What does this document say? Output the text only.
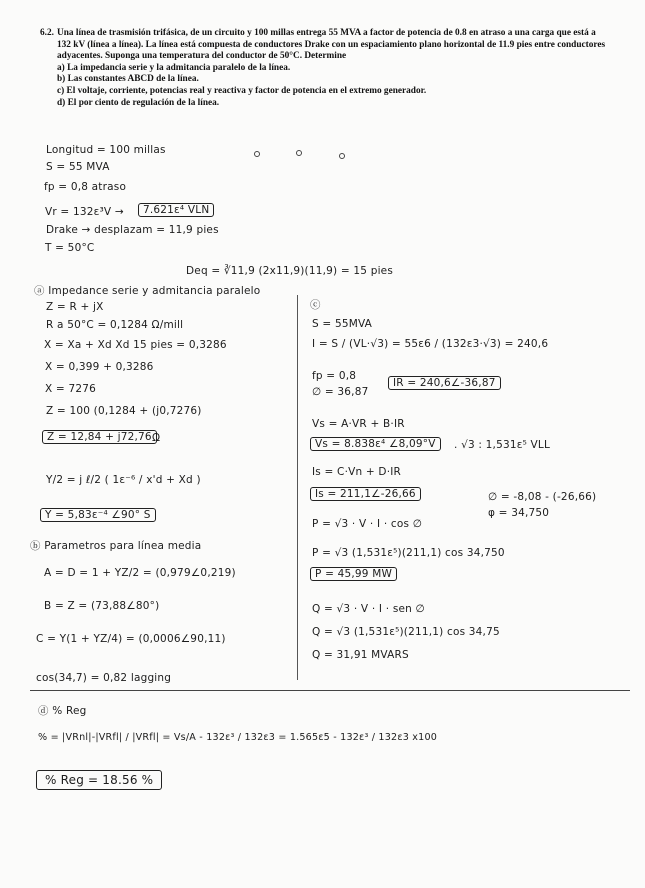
6.2. Una línea de trasmisión trifásica, de un circuito y 100 millas entrega 55 MVA a factor de potencia de 0.8 en atraso a una carga que está a 132 kV (línea a línea). La línea está compuesta de conductores Drake con un espaciamiento plano horizontal de 11.9 pies entre conductores adyacentes. Suponga una temperatura del conductor de 50°C. Determine
a) La impedancia serie y la admitancia paralelo de la línea.
b) Las constantes ABCD de la línea.
c) El voltaje, corriente, potencias real y reactiva y factor de potencia en el extremo generador.
d) El por ciento de regulación de la línea.
Longitud = 100 millas
S = 55 MVA
fp = 0,8 atraso
Vr = 132ε³V →	7.621ε⁴ VLN
Drake → desplazam = 11,9 pies
T = 50°C
Deq = ∛11,9 (2x11,9)(11,9) = 15 pies
ⓐ Impedance serie y admitancia paralelo
Z = R + jX
R a 50°C = 0,1284 Ω/mill
X = Xa + Xd Xd 15 pies = 0,3286
X = 0,399 + 0,3286
X = 7276
Z = 100 (0,1284 + (j0,7276)
Z = 12,84 + j72,76 Ω
Y/2 = j ℓ/2 ( 1ε⁻⁶ / x'd + Xd )
Y = 5,83ε⁻⁴ ∠90° S
ⓑ Parametros para línea media
A = D = 1 + YZ/2 = (0,979∠0,219)
B = Z = (73,88∠80°)
C = Y(1 + YZ/4) = (0,0006∠90,11)
cos(34,7) = 0,82 lagging
ⓒ
S = 55MVA
I = S / (VL·√3) = 55ε6 / (132ε3·√3) = 240,6
fp = 0,8
∅ = 36,87
IR = 240,6∠-36,87
Vs = A·VR + B·IR
Vs = 8.838ε⁴ ∠8,09°V	. √3 : 1,531ε⁵ VLL
Is = C·Vn + D·IR
Is = 211,1∠-26,66	∅ = -8,08 - (-26,66)
φ = 34,750
P = √3 · V · I · cos ∅
P = √3 (1,531ε⁵)(211,1) cos 34,750
P = 45,99 MW
Q = √3 · V · I · sen ∅
Q = √3 (1,531ε⁵)(211,1) cos 34,75
Q = 31,91 MVARS
ⓓ % Reg
% = |VRnl|-|VRfl| / |VRfl| = Vs/A - 132ε³ / 132ε3 = 1.565ε5 - 132ε³ / 132ε3 x100
% Reg = 18.56 %
